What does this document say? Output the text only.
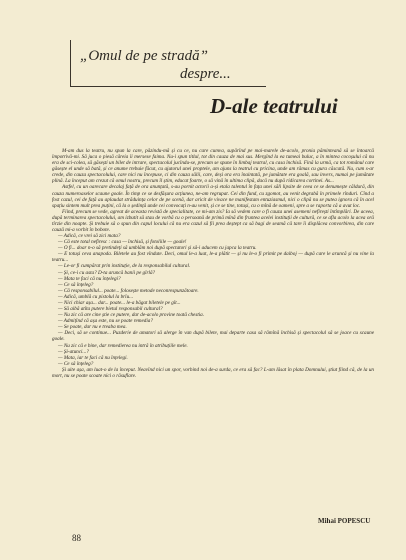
„Omul de pe stradă”
despre...
D-ale teatrului

M-am dus la teatru, nu spun la care, păzindu-mă și cu ce, nu care cumva, supărînd pe mai-marele de-acolo, pronia păminteană să se întoarcă împotrivă-mi. Să juca o piesă căreia îi mersese faima. Nu-i spun titlul, tot din cauza de mai sus. Mergînd la ea tumeai buluc, a în mintea cocoșului că nu era de sci-colea, să găsești un bilet de intrare, spectacolul jucîndu-se, precum se spune în limbaj teatral, cu casa închisă. Fină la urmă, ca tot românul care găsește el unde să bată, și ce anume trebuie făcut, cu ajutorul unei proptele, am ajuns la teatrul cu pricina, unde am rămas cu gura căscată. Nu, cum s-ar crede, din cauza spectacolului, care nici nu începuse, ci din cauza sălii, care, deși ora era înaintată, pe jumătate era goală, sau invers, numai pe jumătate plină. La început am crezut că omul nostru, precum îl știm, educat foarte, o să vină în ultima clipă, dacă nu după ridicarea cortinei. As...

Astfel, cu un oarecare decalaj față de ora anunțată, s-au pornit actorii a-și etala talentul în fața unei săli lipsite de ceea ce se denumește căldură, din cauza numeroaselor scaune goale. În timp ce se desfășura acțiunea, ne-am regrupat. Cei din fund, cu zgomot, au venit degrabă în primele rînduri. Cînd a fost cazul, cei de față au aplaudat străduința celor de pe scenă, dar aricit de vivace ne manifestam entuziasmul, nici o clipă nu se putea ignora că în acel spațiu sintem mult prea puțini, că la o ședință unde cei convocați n-au venit, și ce se tine, totuși, cu o mînă de oameni, spre a se raporta că a avut loc.

Fiind, precum se vede, agreat de aceasta revistă de specialitate, ce mi-am zis? Ia să vedem care o fi cauza unei asemeni nefirești întîmplări. De aceea, după terminarea spectacolului, am izbutit să stau de vorbă cu o persoană de primă mînă din fruntea acelei instituții de cultură, ce se afla acolo la acea oră tîrzie din noapte. Și trebuie să o spun din capul locului că nu era cazul să fii prea deștept ca să bagi de seamă că tare îi displăcea convorbirea, din care cauză mi-a vorbit în bobote.

— Adică, ce vrei să zici mata?

— Că este total nefiresc : casa — închisă, și fotoliile — goale!

— O fi... doar n-o să pretindeți să umblăm noi după spectatori și să-i aducem cu japca la teatru.

— E totuși ceva anapoda. Biletele au fost vîndute. Deci, omul le-a luat, le-a plătit — și nu le-o fi primit pe daiboj — după care le aruncă și nu vine la teatru...

— Le-or fi cumpărat prin instituție, de la responsabilul cultural.

— Și, ce-i cu asta? D-ta aruncă banii pe gîrlă?

— Mata te faci că nu înțelegi?

— Ce să înțeleg?

— Că responsabilul... poate... folosește metode neconrespunzătoare.

— Adică, umblă cu pistolul la brîu...

— Nici chiar așa... dar... poate... le-a băgat biletele pe gît...

— Să aibă atîta putere bietul responsabil cultural?

— Nu zic că are cine știe ce putere, dar de-acolo provine toată chestia.

— Admițînd că așa este, nu se poate remedia?

— Se poate, dar nu e treaba mea.

— Deci, să se continue... Puzderie de amatori să alerge în van după bilete, mai departe casa să rămînă închisă și spectacolul să se joace cu scaune goale.

— Nu zic că e bine, dar remedierea nu intră în atribuțiile mele.

— Și-atunci...?

— Mata, iar te faci că nu înțelegi.

— Ce să înțeleg?

Și uite așa, am luat-o de la început. Neavînd nici un spor, vorbind noi de-a surda, ce era să fac? L-am lăsat în plata Domnului, știut fiind că, de la un mort, nu se poate scoate nici o răsuflare.

Mihai POPESCU
88
